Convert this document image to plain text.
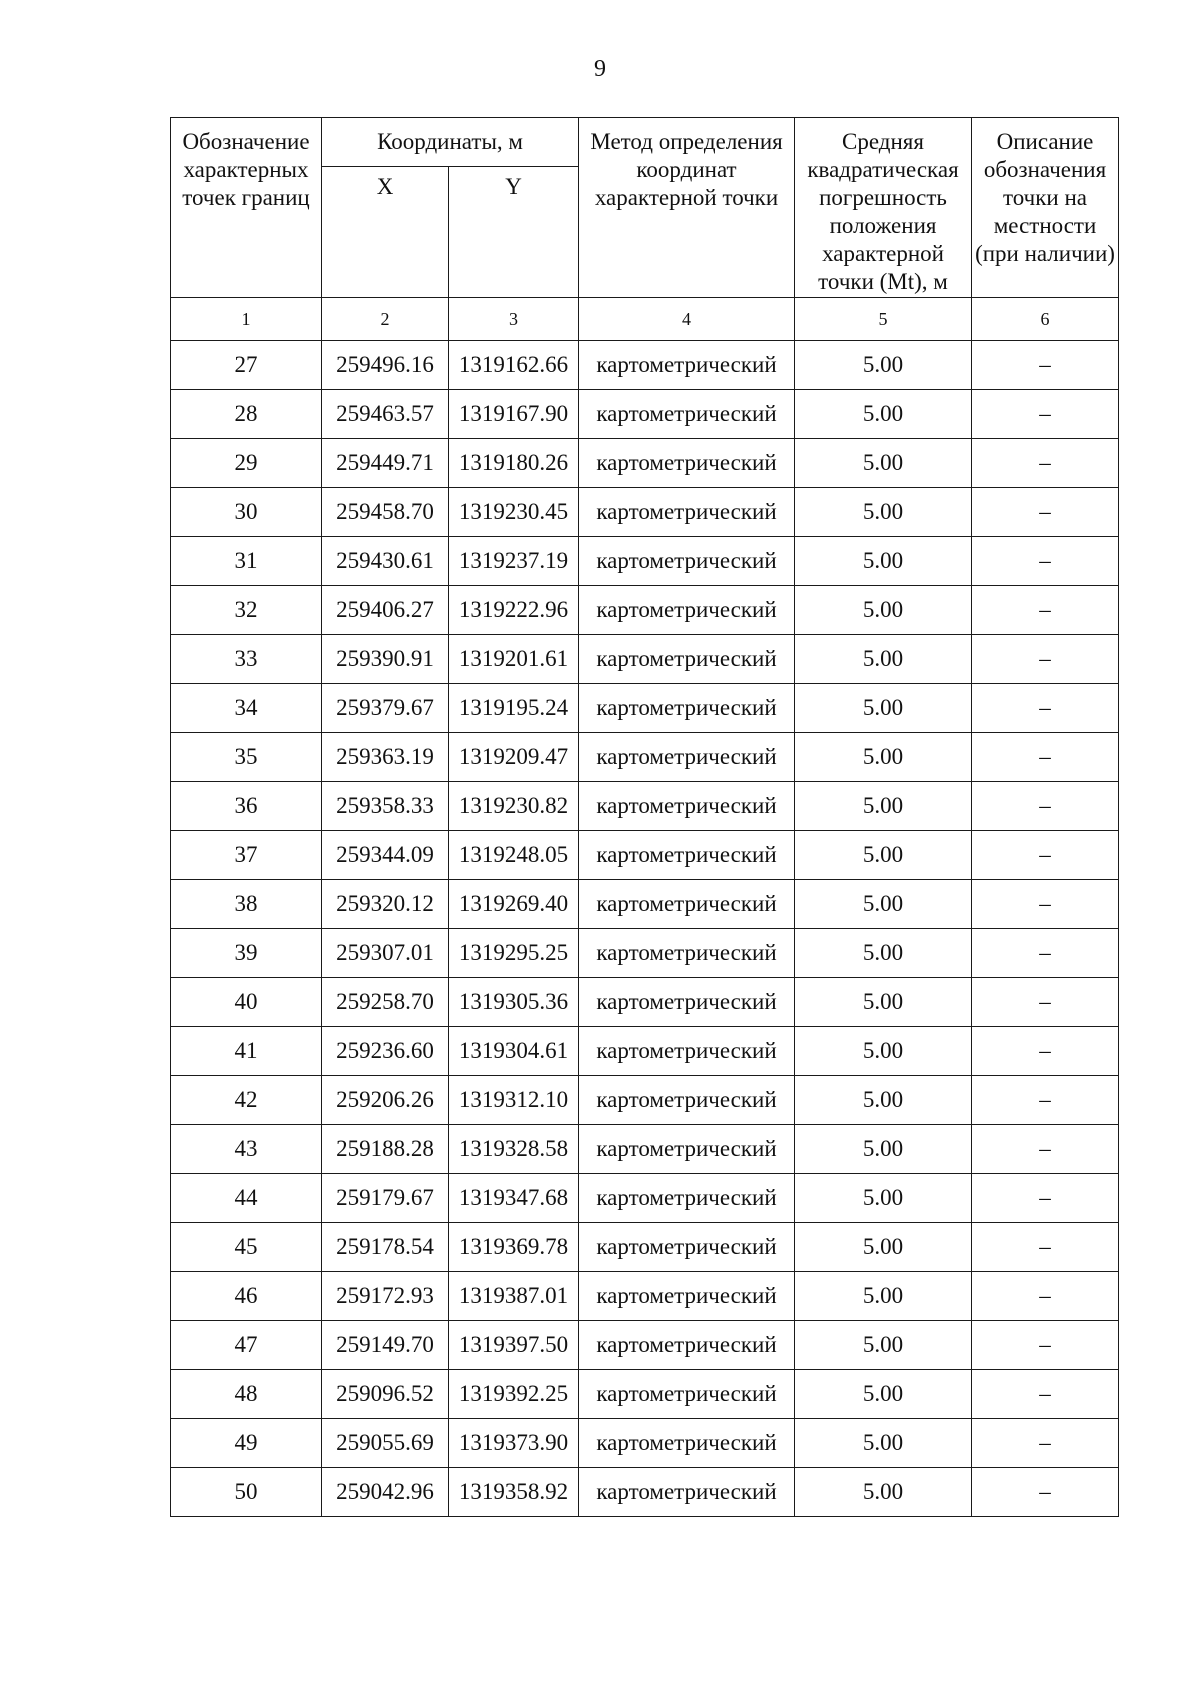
9
Обозначение характерных точек границ	Координаты, м		Метод определения координат характерной точки	Средняя квадратическая погрешность положения характерной точки (Mt), м	Описание обозначения точки на местности (при наличии)
	X	Y			
1	2	3	4	5	6
27	259496.16	1319162.66	картометрический	5.00	–
28	259463.57	1319167.90	картометрический	5.00	–
29	259449.71	1319180.26	картометрический	5.00	–
30	259458.70	1319230.45	картометрический	5.00	–
31	259430.61	1319237.19	картометрический	5.00	–
32	259406.27	1319222.96	картометрический	5.00	–
33	259390.91	1319201.61	картометрический	5.00	–
34	259379.67	1319195.24	картометрический	5.00	–
35	259363.19	1319209.47	картометрический	5.00	–
36	259358.33	1319230.82	картометрический	5.00	–
37	259344.09	1319248.05	картометрический	5.00	–
38	259320.12	1319269.40	картометрический	5.00	–
39	259307.01	1319295.25	картометрический	5.00	–
40	259258.70	1319305.36	картометрический	5.00	–
41	259236.60	1319304.61	картометрический	5.00	–
42	259206.26	1319312.10	картометрический	5.00	–
43	259188.28	1319328.58	картометрический	5.00	–
44	259179.67	1319347.68	картометрический	5.00	–
45	259178.54	1319369.78	картометрический	5.00	–
46	259172.93	1319387.01	картометрический	5.00	–
47	259149.70	1319397.50	картометрический	5.00	–
48	259096.52	1319392.25	картометрический	5.00	–
49	259055.69	1319373.90	картометрический	5.00	–
50	259042.96	1319358.92	картометрический	5.00	–
